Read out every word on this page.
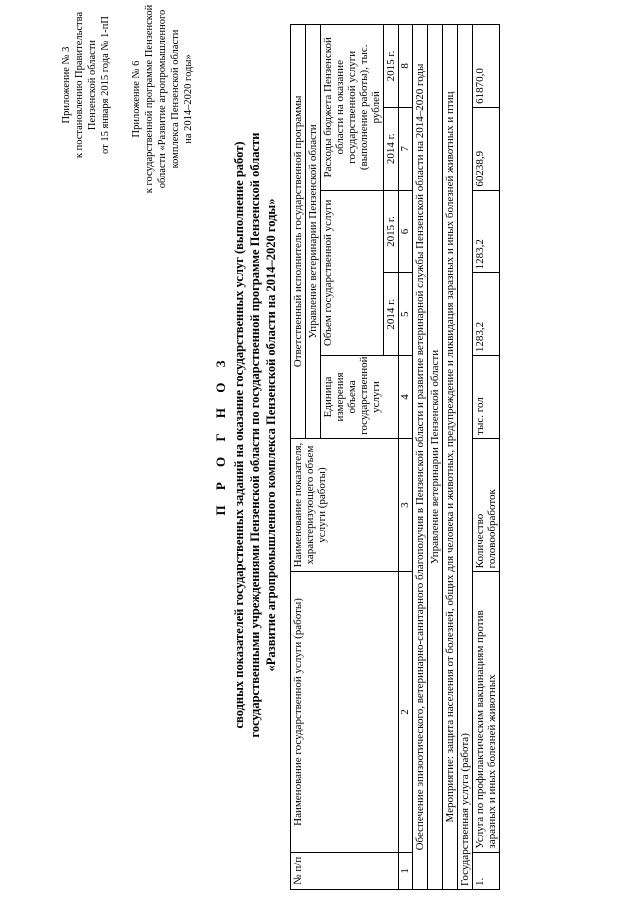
Приложение № 3 к постановлению Правительства Пензенской области от 15 января 2015 года № 1-пП Приложение № 6 к государственной программе Пензенской области «Развитие агропромышленного комплекса Пензенской области на 2014–2020 годы»
П Р О Г Н О З сводных показателей государственных заданий на оказание государственных услуг (выполнение работ) государственными учреждениями Пензенской области по государственной программе Пензенской области «Развитие агропромышленного комплекса Пензенской области на 2014–2020 годы»
№ п/п	Наименование государственной услуги (работы)	Наименование показателя, характеризующего объем услуги (работы)	Ответственный исполнитель государственной программы Управление ветеринарии Пензенской области				

			Единица измерения объема государственной услуги	Объем государственной услуги		Расходы бюджета Пензенской области на оказание государственной услуги (выполнение работы), тыс. рублей	
				2014 г.	2015 г.	2014 г.	2015 г.
1	2	3	4	5	6	7	8
Обеспечение эпизоотического, ветеринарно-санитарного благополучия в Пензенской области и развитие ветеринарной службы Пензенской области на 2014–2020 годы							
Управление ветеринарии Пензенской области							
Мероприятие: защита населения от болезней, общих для человека и животных, предупреждение и ликвидация заразных и иных болезней животных и птиц							
Государственная услуга (работа)							
1.	Услуга по профилактическим вакцинациям против заразных и иных болезней животных	Количество головообработок	тыс. гол	1283,2	1283,2	60238,9	61870,0
